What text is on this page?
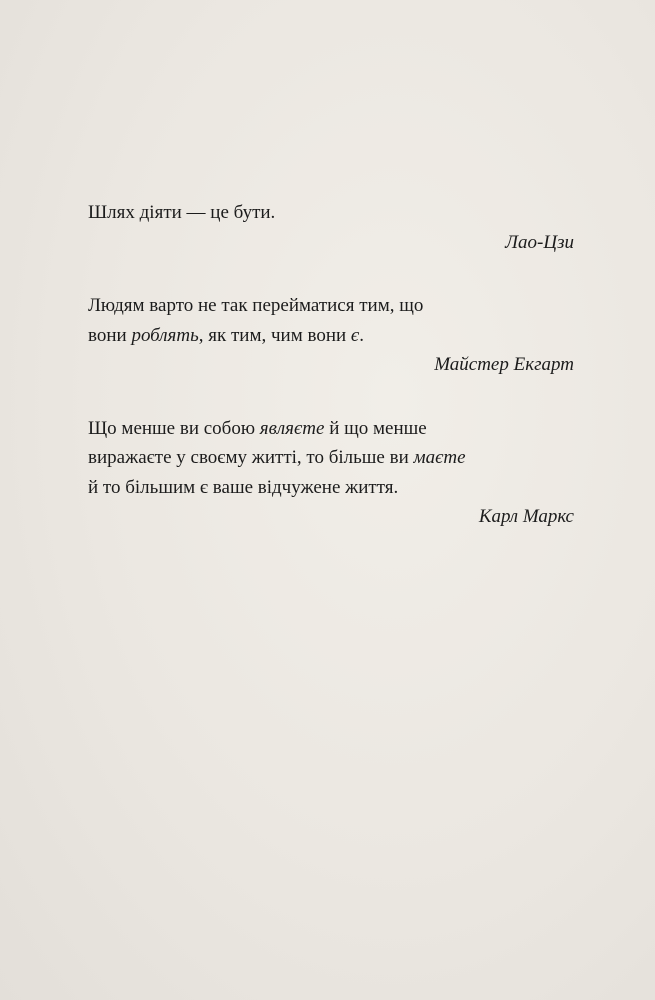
Шлях діяти — це бути.
Лао-Цзи

Людям варто не так перейматися тим, що
вони роблять, як тим, чим вони є.
Майстер Екгарт

Що менше ви собою являєте й що менше
виражаєте у своєму житті, то більше ви маєте
й то більшим є ваше відчужене життя.
Карл Маркс
